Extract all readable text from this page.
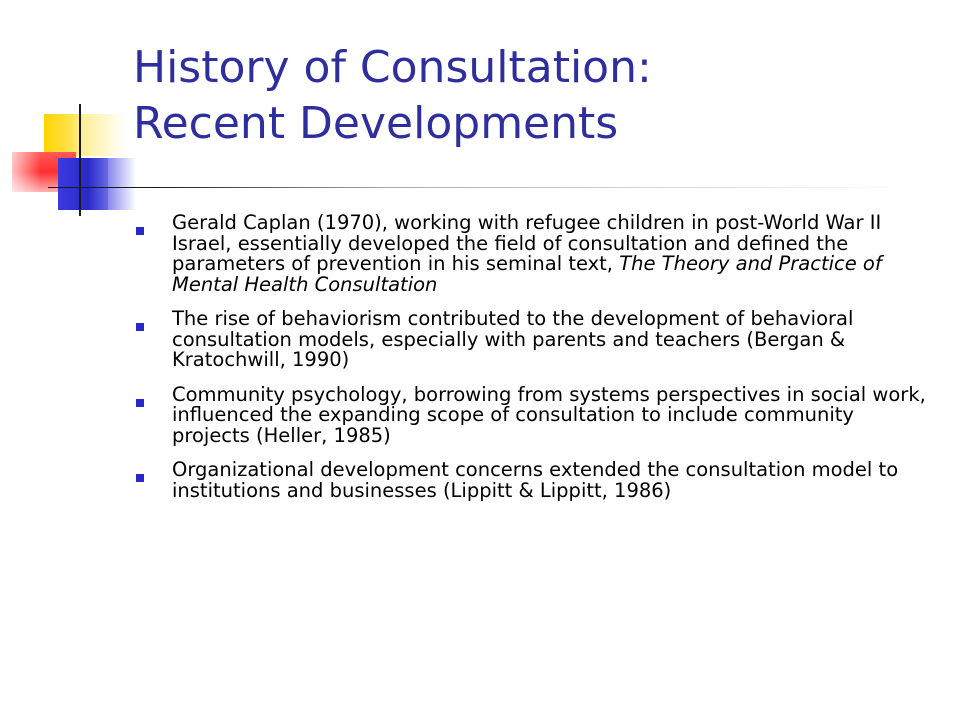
History of Consultation:
Recent Developments
Gerald Caplan (1970), working with refugee children in post-World War II Israel, essentially developed the field of consultation and defined the parameters of prevention in his seminal text, The Theory and Practice of Mental Health Consultation
The rise of behaviorism contributed to the development of behavioral consultation models, especially with parents and teachers (Bergan & Kratochwill, 1990)
Community psychology, borrowing from systems perspectives in social work, influenced the expanding scope of consultation to include community projects (Heller, 1985)
Organizational development concerns extended the consultation model to institutions and businesses (Lippitt & Lippitt, 1986)
